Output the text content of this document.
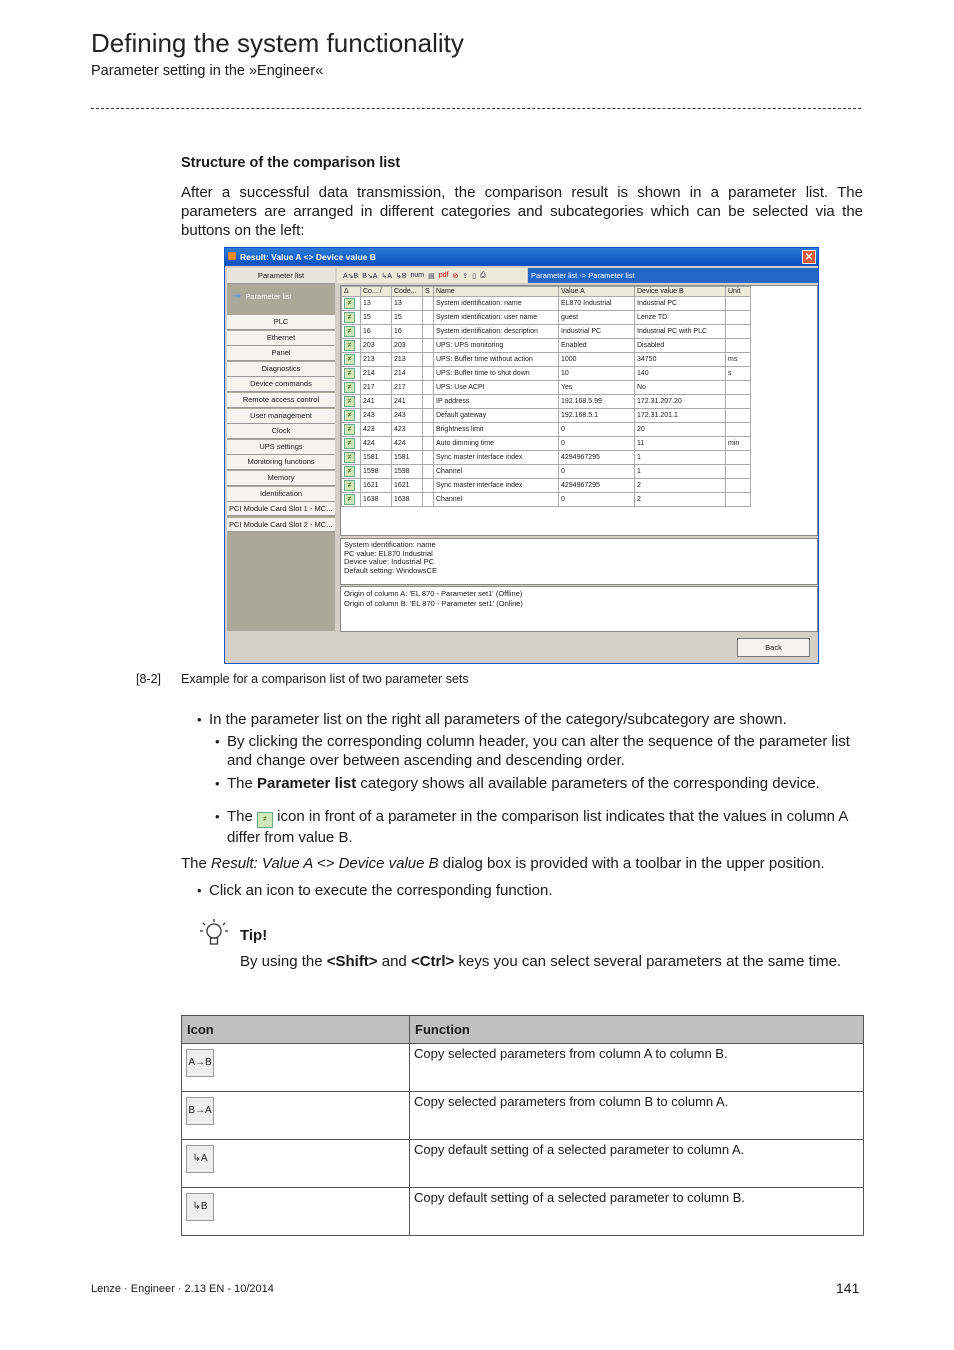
Defining the system functionality
Parameter setting in the »Engineer«
Structure of the comparison list
After a successful data transmission, the comparison result is shown in a parameter list. The parameters are arranged in different categories and subcategories which can be selected via the buttons on the left:
Result: Value A <> Device value B	✕
Parameter list
➜ Parameter list
PLC
Ethernet
Panel
Diagnostics
Device commands
Remote access control
User management
Clock
UPS settings
Monitoring functions
Memory
Identification
PCI Module Card Slot 1 - MC...
PCI Module Card Slot 2 - MC...
A↘B B↘A ↳A ↳B num ▤ pdf ⊘ ⇪ ▯ ⎙	Parameter list -> Parameter list
Δ	Co... /	Code...	S	Name	Value A	Device value B	Unit
≠	13	13		System identification: name	EL870 Industrial	Industrial PC	
≠	15	15		System identification: user name	guest	Lenze TD	
≠	16	16		System identification: description	Industrial PC	Industrial PC with PLC	
≠	203	203		UPS: UPS monitoring	Enabled	Disabled	
≠	213	213		UPS: Buffer time without action	1000	34750	ms
≠	214	214		UPS: Buffer time to shut down	10	140	s
≠	217	217		UPS: Use ACPI	Yes	No	
≠	241	241		IP address	192.168.5.99	172.31.207.20	
≠	243	243		Default gateway	192.168.5.1	172.31.201.1	
≠	423	423		Brightness limit	0	20	
≠	424	424		Auto dimming time	0	11	min
≠	1581	1581		Sync master interface index	4294967295	1	
≠	1598	1598		Channel	0	1	
≠	1621	1621		Sync master interface index	4294967295	2	
≠	1638	1638		Channel	0	2	
System identification: name
PC value: EL870 Industrial
Device value: Industrial PC
Default setting: WindowsCE
Origin of column A: 'EL 870 - Parameter set1' (Offline)
Origin of column B: 'EL 870 - Parameter set1' (Online)
Back
[8-2] Example for a comparison list of two parameter sets
• In the parameter list on the right all parameters of the category/subcategory are shown.
• By clicking the corresponding column header, you can alter the sequence of the parameter list and change over between ascending and descending order.
• The Parameter list category shows all available parameters of the corresponding device.
• The ≠ icon in front of a parameter in the comparison list indicates that the values in column A differ from value B.
The Result: Value A <> Device value B dialog box is provided with a toolbar in the upper position.
• Click an icon to execute the corresponding function.
Tip!
By using the <Shift> and <Ctrl> keys you can select several parameters at the same time.
Icon	Function

A→B	Copy selected parameters from column A to column B.

B→A	Copy selected parameters from column B to column A.

↳A	Copy default setting of a selected parameter to column A.

↳B	Copy default setting of a selected parameter to column B.
Lenze · Engineer · 2.13 EN - 10/2014	141
